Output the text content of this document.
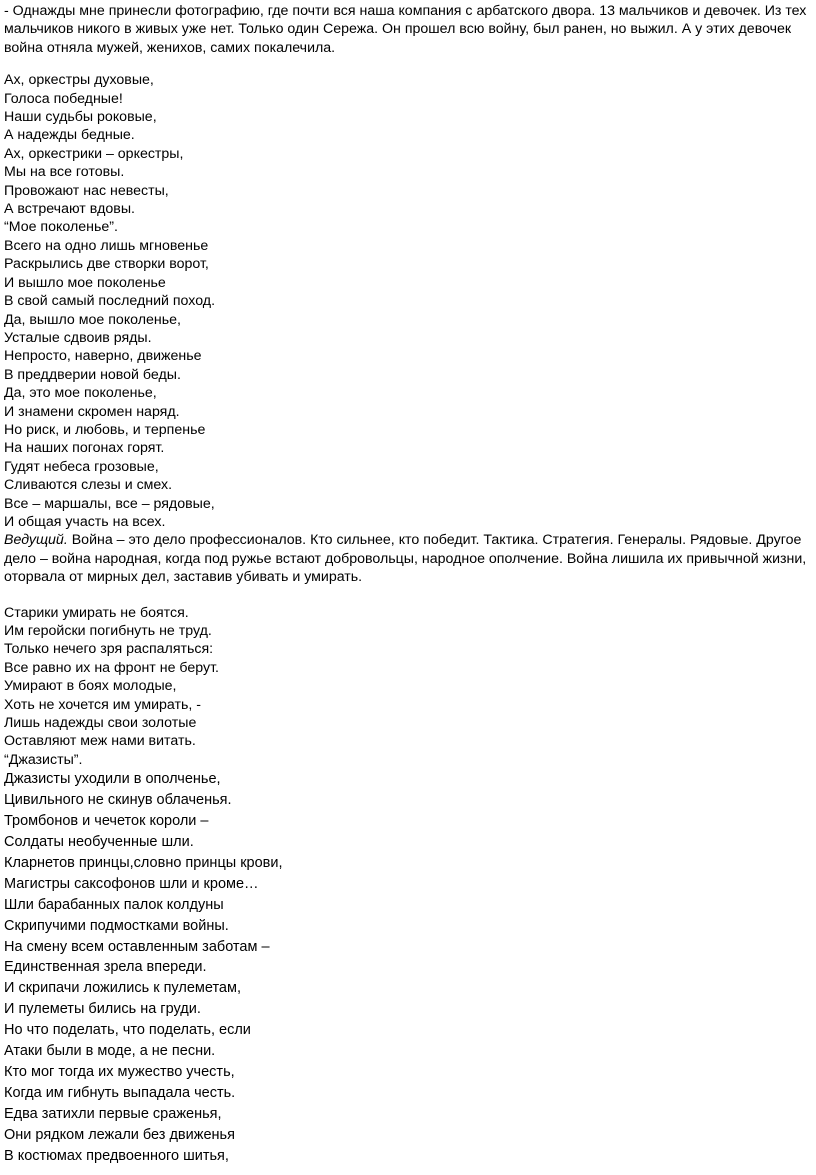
- Однажды мне принесли фотографию, где почти вся наша компания с арбатского двора. 13 мальчиков и девочек. Из тех мальчиков никого в живых уже нет. Только один Сережа. Он прошел всю войну, был ранен, но выжил. А у этих девочек война отняла мужей, женихов, самих покалечила.

Ах, оркестры духовые,
Голоса победные!
Наши судьбы роковые,
А надежды бедные.
Ах, оркестрики – оркестры,
Мы на все готовы.
Провожают нас невесты,
А встречают вдовы.
“Мое поколенье”.
Всего на одно лишь мгновенье
Раскрылись две створки ворот,
И вышло мое поколенье
В свой самый последний поход.
Да, вышло мое поколенье,
Усталые сдвоив ряды.
Непросто, наверно, движенье
В преддверии новой беды.
Да, это мое поколенье,
И знамени скромен наряд.
Но риск, и любовь, и терпенье
На наших погонах горят.
Гудят небеса грозовые,
Сливаются слезы и смех.
Все – маршалы, все – рядовые,
И общая участь на всех.

Ведущий. Война – это дело профессионалов. Кто сильнее, кто победит. Тактика. Стратегия. Генералы. Рядовые. Другое дело – война народная, когда под ружье встают добровольцы, народное ополчение. Война лишила их привычной жизни, оторвала от мирных дел, заставив убивать и умирать.

Старики умирать не боятся.
Им геройски погибнуть не труд.
Только нечего зря распаляться:
Все равно их на фронт не берут.
Умирают в боях молодые,
Хоть не хочется им умирать, -
Лишь надежды свои золотые
Оставляют меж нами витать.
“Джазисты”.
Джазисты уходили в ополченье,
Цивильного не скинув облаченья.
Тромбонов и чечеток короли –
Солдаты необученные шли.
Кларнетов принцы,словно принцы крови,
Магистры саксофонов шли и кроме…
Шли барабанных палок колдуны
Скрипучими подмостками войны.
На смену всем оставленным заботам –
Единственная зрела впереди.
И скрипачи ложились к пулеметам,
И пулеметы бились на груди.
Но что поделать, что поделать, если
Атаки были в моде, а не песни.
Кто мог тогда их мужество учесть,
Когда им гибнуть выпадала честь.
Едва затихли первые сраженья,
Они рядком лежали без движенья
В костюмах предвоенного шитья,
